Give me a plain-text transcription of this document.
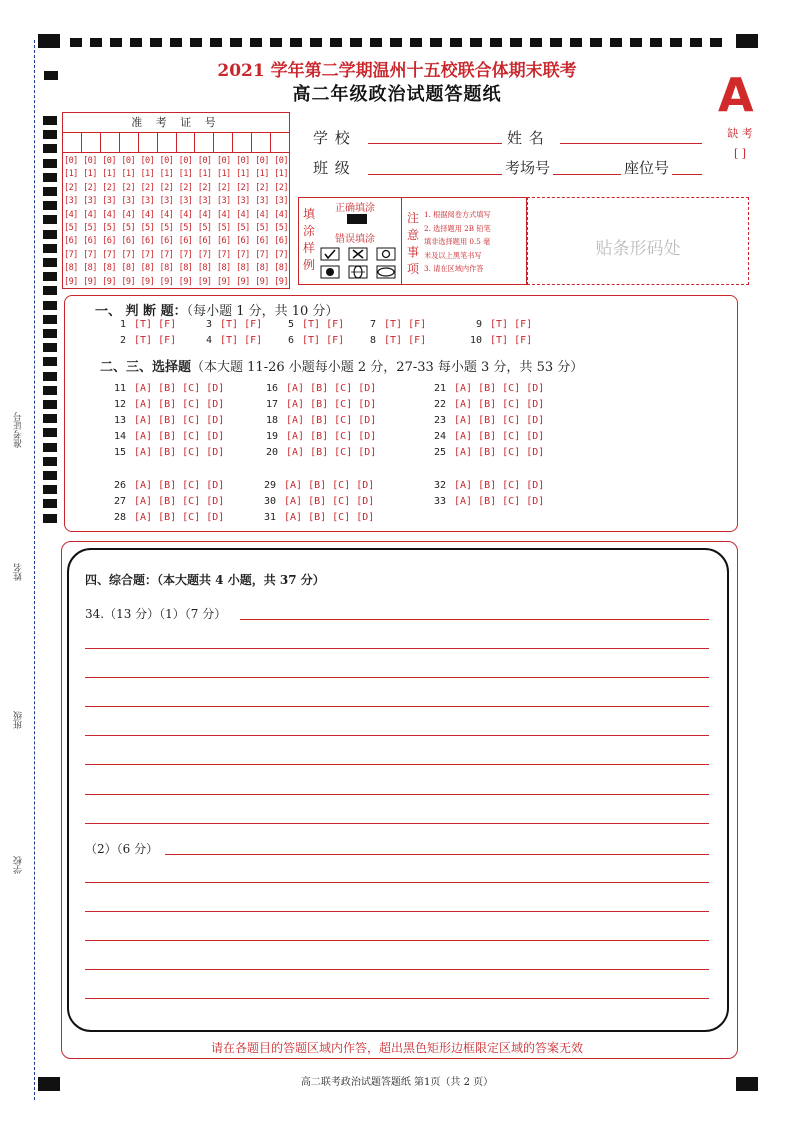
准考证号
姓名
班级
学校
2021 学年第二学期温州十五校联合体期末联考
高二年级政治试题答题纸	A
缺 考
[ ]
准 考 证 号
[0] [0] [0] [0] [0] [0] [0] [0] [0] [0] [0] [0]
[1] [1] [1] [1] [1] [1] [1] [1] [1] [1] [1] [1]
[2] [2] [2] [2] [2] [2] [2] [2] [2] [2] [2] [2]
[3] [3] [3] [3] [3] [3] [3] [3] [3] [3] [3] [3]
[4] [4] [4] [4] [4] [4] [4] [4] [4] [4] [4] [4]
[5] [5] [5] [5] [5] [5] [5] [5] [5] [5] [5] [5]
[6] [6] [6] [6] [6] [6] [6] [6] [6] [6] [6] [6]
[7] [7] [7] [7] [7] [7] [7] [7] [7] [7] [7] [7]
[8] [8] [8] [8] [8] [8] [8] [8] [8] [8] [8] [8]
[9] [9] [9] [9] [9] [9] [9] [9] [9] [9] [9] [9]
学 校	姓 名
班 级	考场号	座位号
填
涂
样
例
正确填涂
错误填涂
注
意
事
项
1. 根据阅卷方式填写
2. 选择题用 2B 铅笔
填非选择题用 0.5 毫
米及以上黑笔书写
3. 请在区域内作答
贴条形码处
一、 判 断 题：（每小题 1 分，共 10 分）
1 [T] [F]
2 [T] [F]
3 [T] [F]
4 [T] [F]
5 [T] [F]
6 [T] [F]
7 [T] [F]
8 [T] [F]
9 [T] [F]
10 [T] [F]
二、三、选择题（本大题 11-26 小题每小题 2 分，27-33 每小题 3 分，共 53 分）
11 [A] [B] [C] [D]
12 [A] [B] [C] [D]
13 [A] [B] [C] [D]
14 [A] [B] [C] [D]
15 [A] [B] [C] [D]
16 [A] [B] [C] [D]
17 [A] [B] [C] [D]
18 [A] [B] [C] [D]
19 [A] [B] [C] [D]
20 [A] [B] [C] [D]
21 [A] [B] [C] [D]
22 [A] [B] [C] [D]
23 [A] [B] [C] [D]
24 [A] [B] [C] [D]
25 [A] [B] [C] [D]
26 [A] [B] [C] [D]
27 [A] [B] [C] [D]
28 [A] [B] [C] [D]
29 [A] [B] [C] [D]
30 [A] [B] [C] [D]
31 [A] [B] [C] [D]
32 [A] [B] [C] [D]
33 [A] [B] [C] [D]
四、综合题：（本大题共 4 小题，共 37 分）
34.（13 分）（1）（7 分）
（2）（6 分）
请在各题目的答题区域内作答，超出黑色矩形边框限定区域的答案无效
高二联考政治试题答题纸 第1页（共 2 页）
